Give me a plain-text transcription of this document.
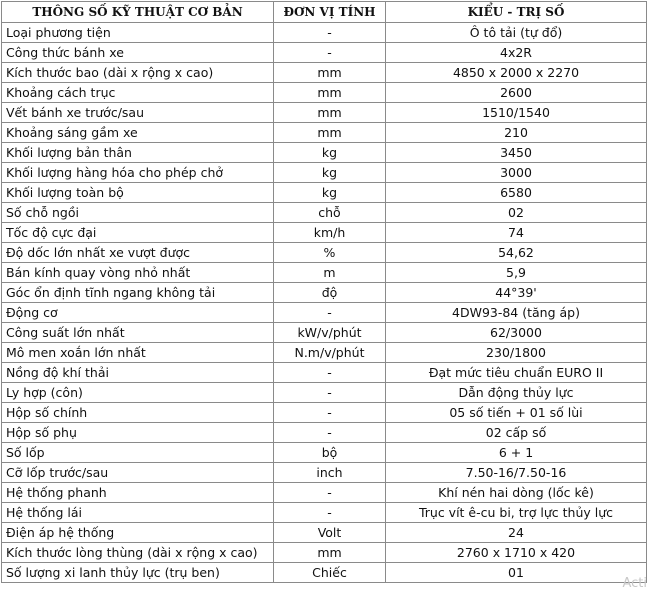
THÔNG SỐ KỸ THUẬT CƠ BẢN	ĐƠN VỊ TÍNH	KIỂU - TRỊ SỐ
Loại phương tiện	-	Ô tô tải (tự đổ)
Công thức bánh xe	-	4x2R
Kích thước bao (dài x rộng x cao)	mm	4850 x 2000 x 2270
Khoảng cách trục	mm	2600
Vết bánh xe trước/sau	mm	1510/1540
Khoảng sáng gầm xe	mm	210
Khối lượng bản thân	kg	3450
Khối lượng hàng hóa cho phép chở	kg	3000
Khối lượng toàn bộ	kg	6580
Số chỗ ngồi	chỗ	02
Tốc độ cực đại	km/h	74
Độ dốc lớn nhất xe vượt được	%	54,62
Bán kính quay vòng nhỏ nhất	m	5,9
Góc ổn định tĩnh ngang không tải	độ	44°39'
Động cơ	-	4DW93-84 (tăng áp)
Công suất lớn nhất	kW/v/phút	62/3000
Mô men xoắn lớn nhất	N.m/v/phút	230/1800
Nồng độ khí thải	-	Đạt mức tiêu chuẩn EURO II
Ly hợp (côn)	-	Dẫn động thủy lực
Hộp số chính	-	05 số tiến + 01 số lùi
Hộp số phụ	-	02 cấp số
Số lốp	bộ	6 + 1
Cỡ lốp trước/sau	inch	7.50-16/7.50-16
Hệ thống phanh	-	Khí nén hai dòng (lốc kê)
Hệ thống lái	-	Trục vít ê-cu bi, trợ lực thủy lực
Điện áp hệ thống	Volt	24
Kích thước lòng thùng (dài x rộng x cao)	mm	2760 x 1710 x 420
Số lượng xi lanh thủy lực (trụ ben)	Chiếc	01
Acti
